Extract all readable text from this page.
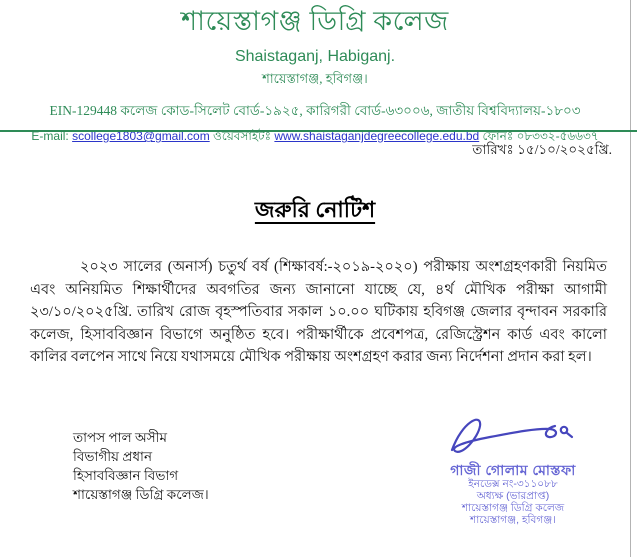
শায়েস্তাগঞ্জ ডিগ্রি কলেজ
Shaistaganj, Habiganj.
শায়েস্তাগঞ্জ, হবিগঞ্জ।
EIN-129448 কলেজ কোড-সিলেট বোর্ড-১৯২৫, কারিগরী বোর্ড-৬৩০০৬, জাতীয় বিশ্ববিদ্যালয়-১৮০৩
E-mail: scollege1803@gmail.com ওয়েবসাইটঃ www.shaistaganjdegreecollege.edu.bd ফোনঃ ০৮৩৩২-৫৬৬৩৭
তারিখঃ ১৫/১০/২০২৫খ্রি.
জরুরি নোটিশ

২০২৩ সালের (অনার্স) চতুর্থ বর্ষ (শিক্ষাবর্ষ:-২০১৯-২০২০) পরীক্ষায় অংশগ্রহণকারী নিয়মিত এবং অনিয়মিত শিক্ষার্থীদের অবগতির জন্য জানানো যাচ্ছে যে, ৪র্থ মৌখিক পরীক্ষা আগামী ২৩/১০/২০২৫খ্রি. তারিখ রোজ বৃহস্পতিবার সকাল ১০.০০ ঘটিকায় হবিগঞ্জ জেলার বৃন্দাবন সরকারি কলেজ, হিসাববিজ্ঞান বিভাগে অনুষ্ঠিত হবে। পরীক্ষার্থীকে প্রবেশপত্র, রেজিস্ট্রেশন কার্ড এবং কালো কালির বলপেন সাথে নিয়ে যথাসময়ে মৌখিক পরীক্ষায় অংশগ্রহণ করার জন্য নির্দেশনা প্রদান করা হল।

তাপস পাল অসীম
বিভাগীয় প্রধান
হিসাববিজ্ঞান বিভাগ
শায়েস্তাগঞ্জ ডিগ্রি কলেজ।
গাজী গোলাম মোস্তফা
ইনডেক্স নং-৩১১০৮৮
অধ্যক্ষ (ভারপ্রাপ্ত)
শায়েস্তাগঞ্জ ডিগ্রি কলেজ
শায়েস্তাগঞ্জ, হবিগঞ্জ।
